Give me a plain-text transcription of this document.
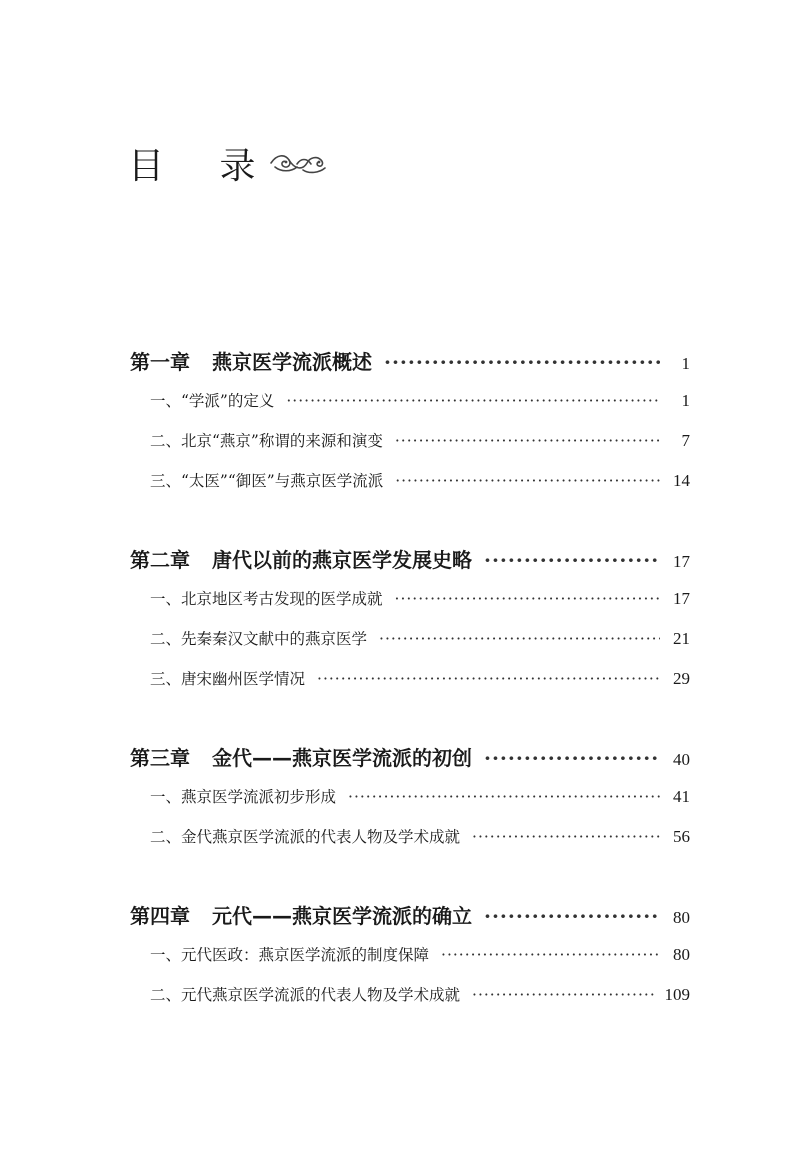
目 录
第一章 燕京医学流派概述 ·····	1
一、“学派”的定义 ·····	1
二、北京“燕京”称谓的来源和演变 ·····	7
三、“太医”“御医”与燕京医学流派 ·····	14
第二章 唐代以前的燕京医学发展史略 ·····	17
一、北京地区考古发现的医学成就 ·····	17
二、先秦秦汉文献中的燕京医学 ·····	21
三、唐宋幽州医学情况 ·····	29
第三章 金代——燕京医学流派的初创 ·····	40
一、燕京医学流派初步形成 ·····	41
二、金代燕京医学流派的代表人物及学术成就 ·····	56
第四章 元代——燕京医学流派的确立 ·····	80
一、元代医政：燕京医学流派的制度保障 ·····	80
二、元代燕京医学流派的代表人物及学术成就 ·····	109
